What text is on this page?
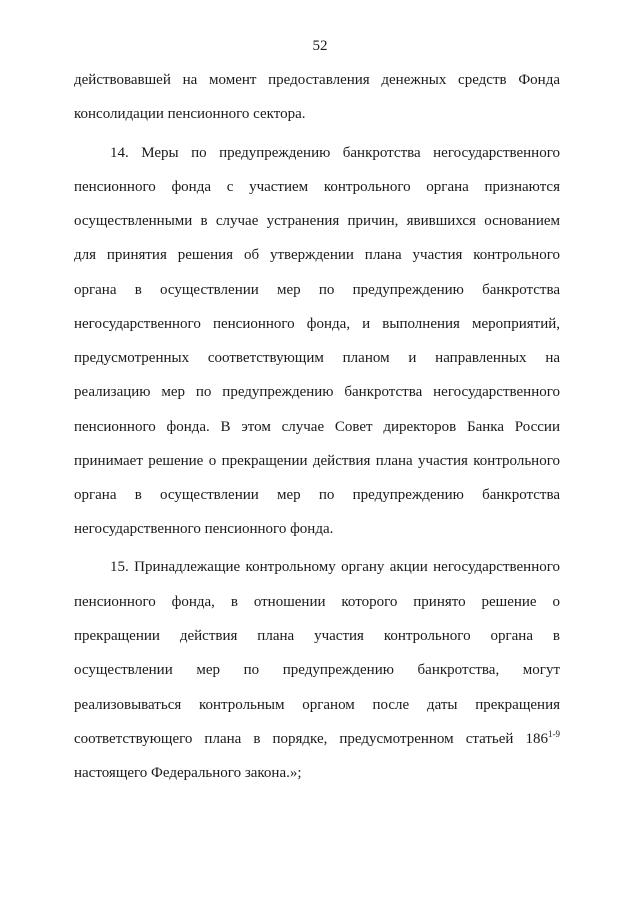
52
действовавшей на момент предоставления денежных средств Фонда
консолидации пенсионного сектора.
14. Меры по предупреждению банкротства негосударственного
пенсионного фонда с участием контрольного органа признаются
осуществленными в случае устранения причин, явившихся основанием
для принятия решения об утверждении плана участия контрольного
органа в осуществлении мер по предупреждению банкротства
негосударственного пенсионного фонда, и выполнения мероприятий,
предусмотренных соответствующим планом и направленных на
реализацию мер по предупреждению банкротства негосударственного
пенсионного фонда. В этом случае Совет директоров Банка России
принимает решение о прекращении действия плана участия контрольного
органа в осуществлении мер по предупреждению банкротства
негосударственного пенсионного фонда.
15. Принадлежащие контрольному органу акции негосударственного
пенсионного фонда, в отношении которого принято решение о
прекращении действия плана участия контрольного органа в
осуществлении мер по предупреждению банкротства, могут
реализовываться контрольным органом после даты прекращения
соответствующего плана в порядке, предусмотренном статьей 186$^{1-9}$
настоящего Федерального закона.»;
